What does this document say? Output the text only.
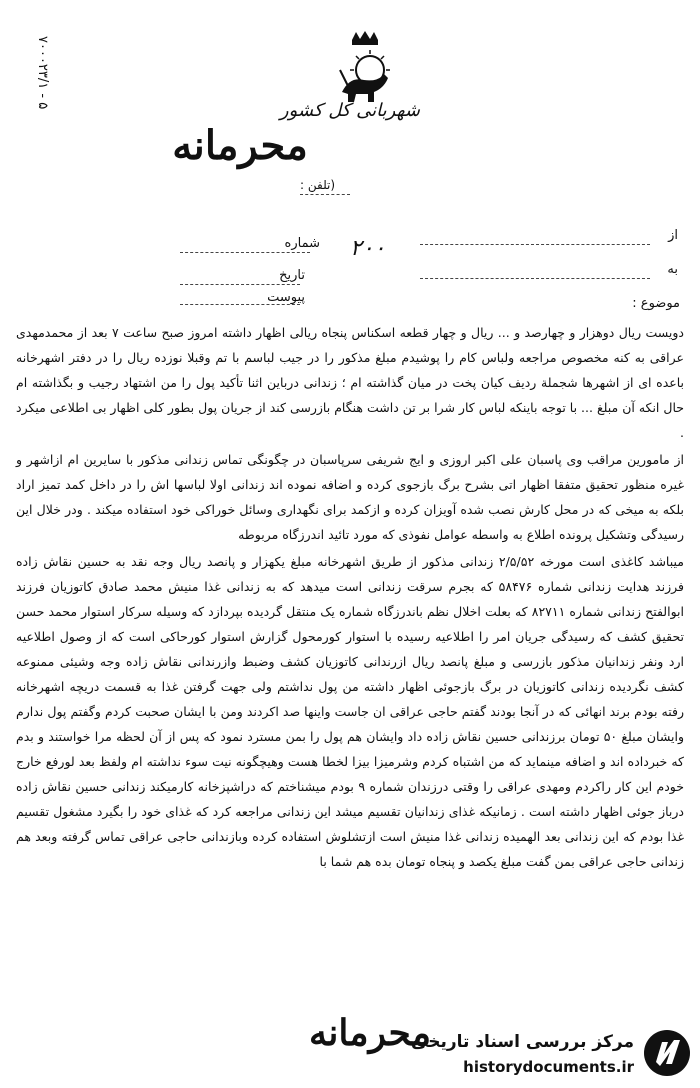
۷۰۰۰۲۳/۱ - ۵
شهربانی کل کشور
محرمانه
(تلفن :
از
شماره ۲۰۰
به
تاریخ
پیوست	موضوع :

دویست ریال دوهزار و چهارصد و ... ریال و چهار قطعه اسکناس پنجاه ریالی اظهار داشته امروز صبح ساعت ۷ بعد از محمدمهدی عراقی به کنه مخصوص مراجعه ولباس کام را پوشیدم مبلغ مذکور را در جیب لباسم با تم وقبلا نوزده ریال را در دفتر اشهرخانه باعده ای از اشهرها شجملة ردیف کیان پخت در میان گذاشته ام ؛ زندانی درباین اثنا تأکید پول را من اشتهاد رجیب و بگذاشته ام حال انکه آن مبلغ ... با توجه باینکه لباس کار شرا بر تن داشت هنگام بازرسی کند از جریان پول بطور کلی اظهار بی اطلاعی میکرد .

از مامورین مراقب وی پاسبان علی اکبر اروزی و ایج شریفی سرپاسبان در چگونگی تماس زندانی مذکور با سایرین ام ازاشهر و غیره منظور تحقیق متفقا اظهار اتی بشرح برگ بازجوی کرده و اضافه نموده اند زندانی اولا لباسها اش را در داخل کمد تمیز اراد بلکه به میخی که در محل کارش نصب شده آویزان کرده و ازکمد برای نگهداری وسائل خوراکی خود استفاده میکند . ودر خلال این رسیدگی وتشکیل پرونده اطلاع به واسطه عوامل نفوذی که مورد تائید اندرزگاه مربوطه

میباشد کاغذی است مورخه ۲/۵/۵۲ زندانی مذکور از طریق اشهرخانه مبلغ یکهزار و پانصد ریال وجه نقد به حسین نقاش زاده فرزند هدایت زندانی شماره ۵۸۴۷۶ که بجرم سرقت زندانی است میدهد که به زندانی غذا منیش محمد صادق کاتوزیان فرزند ابوالفتح زندانی شماره ۸۲۷۱۱ که بعلت اخلال نظم باندرزگاه شماره یک منتقل گردیده بپردازد که وسیله سرکار استوار محمد حسن تحقیق کشف که رسیدگی جریان امر را اطلاعیه رسیده با استوار کورمحول گزارش استوار کورحاکی است که از وصول اطلاعیه ارد ونفر زندانیان مذکور بازرسی و مبلغ پانصد ریال ازرندانی کاتوزیان کشف وضبط وازرندانی نقاش زاده وجه وشیئی ممنوعه کشف نگردیده زندانی کاتوزیان در برگ بازجوئی اظهار داشته من پول نداشتم ولی جهت گرفتن غذا به قسمت دریچه اشهرخانه رفته بودم برند انهائی که در آنجا بودند گفتم حاجی عراقی ان جاست واینها صد اکردند ومن با ایشان صحبت کردم وگفتم پول ندارم وایشان مبلغ ۵۰ تومان برزندانی حسین نقاش زاده داد وایشان هم پول را بمن مسترد نمود که پس از آن لحظه مرا خواستند و بدم که خبرداده اند و اضافه مینماید که من اشتباه کردم وشرمیزا بیزا لخطا هست وهیچگونه نیت سوء نداشته ام ولفظ بعد لورفع خارج خودم این کار راکردم ومهدی عراقی را وقتی درزندان شماره ۹ بودم میشناختم که دراشپزخانه کارمیکند زندانی حسین نقاش زاده درباز جوئی اظهار داشته است . زمانیکه غذای زندانیان تقسیم میشد این زندانی مراجعه کرد که غذای خود را بگیرد مشغول تقسیم غذا بودم که این زندانی بعد الهمیده زندانی غذا منیش است ازتشلوش استفاده کرده وبازندانی حاجی عراقی تماس گرفته وبعد هم زندانی حاجی عراقی بمن گفت مبلغ یکصد و پنجاه تومان بده هم شما با

محرمانه
مرکز بررسی اسناد تاریخی
historydocuments.ir
